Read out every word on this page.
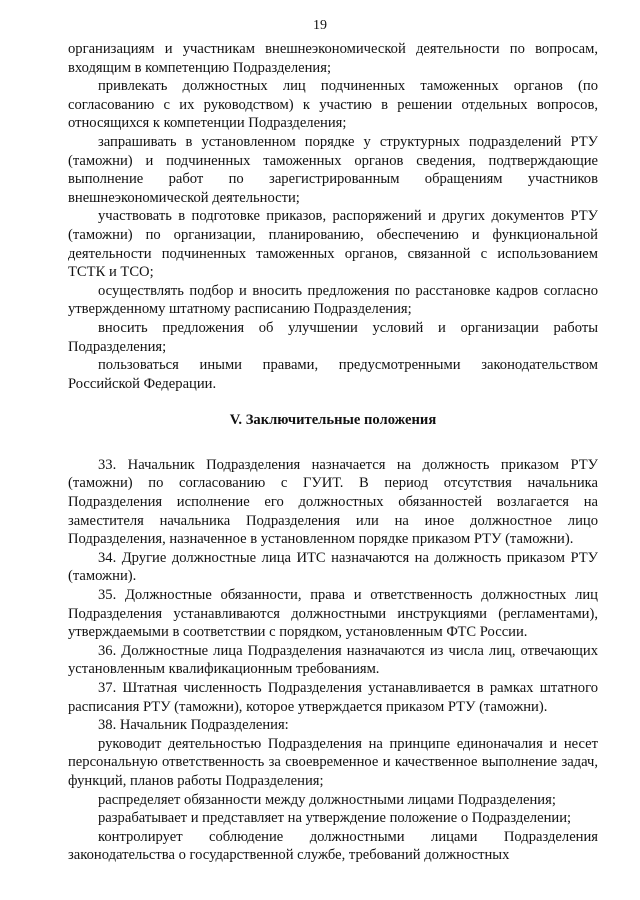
19

организациям и участникам внешнеэкономической деятельности по вопросам, входящим в компетенцию Подразделения;

привлекать должностных лиц подчиненных таможенных органов (по согласованию с их руководством) к участию в решении отдельных вопросов, относящихся к компетенции Подразделения;

запрашивать в установленном порядке у структурных подразделений РТУ (таможни) и подчиненных таможенных органов сведения, подтверждающие выполнение работ по зарегистрированным обращениям участников внешнеэкономической деятельности;

участвовать в подготовке приказов, распоряжений и других документов РТУ (таможни) по организации, планированию, обеспечению и функциональной деятельности подчиненных таможенных органов, связанной с использованием ТСТК и ТСО;

осуществлять подбор и вносить предложения по расстановке кадров согласно утвержденному штатному расписанию Подразделения;

вносить предложения об улучшении условий и организации работы Подразделения;

пользоваться иными правами, предусмотренными законодательством Российской Федерации.

V. Заключительные положения

33. Начальник Подразделения назначается на должность приказом РТУ (таможни) по согласованию с ГУИТ. В период отсутствия начальника Подразделения исполнение его должностных обязанностей возлагается на заместителя начальника Подразделения или на иное должностное лицо Подразделения, назначенное в установленном порядке приказом РТУ (таможни).

34. Другие должностные лица ИТС назначаются на должность приказом РТУ (таможни).

35. Должностные обязанности, права и ответственность должностных лиц Подразделения устанавливаются должностными инструкциями (регламентами), утверждаемыми в соответствии с порядком, установленным ФТС России.

36. Должностные лица Подразделения назначаются из числа лиц, отвечающих установленным квалификационным требованиям.

37. Штатная численность Подразделения устанавливается в рамках штатного расписания РТУ (таможни), которое утверждается приказом РТУ (таможни).

38. Начальник Подразделения:

руководит деятельностью Подразделения на принципе единоначалия и несет персональную ответственность за своевременное и качественное выполнение задач, функций, планов работы Подразделения;

распределяет обязанности между должностными лицами Подразделения;

разрабатывает и представляет на утверждение положение о Подразделении;

контролирует соблюдение должностными лицами Подразделения законодательства о государственной службе, требований должностных
